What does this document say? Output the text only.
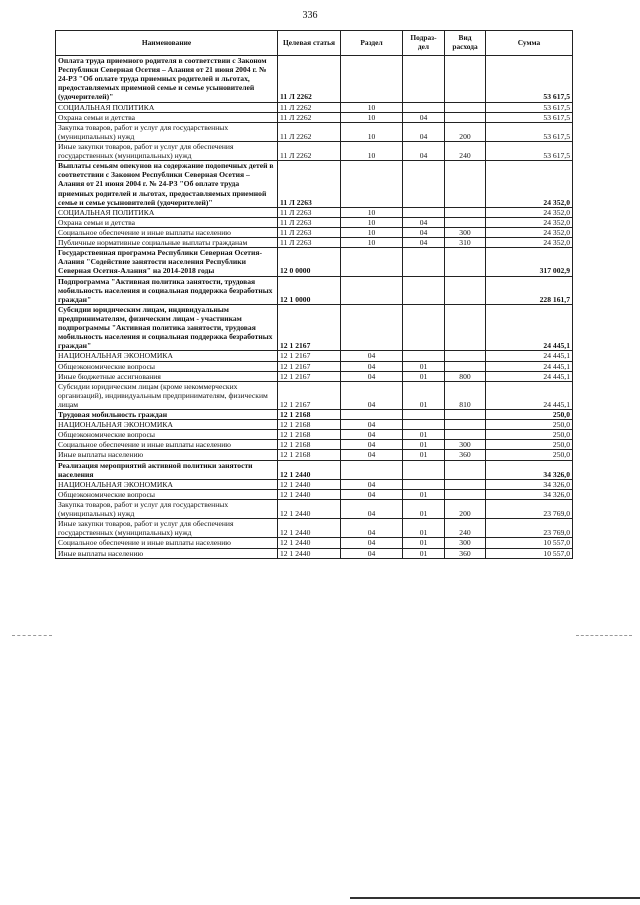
336
Наименование	Целевая статья	Раздел	Подраз-дел	Вид расхода	Сумма
Оплата труда приемного родителя в соответствии с Законом Республики Северная Осетия – Алания от 21 июня 2004 г. № 24-РЗ "Об оплате труда приемных родителей и льготах, предоставляемых приемной семье и семье усыновителей (удочерителей)"	11 Л 2262				53 617,5
СОЦИАЛЬНАЯ ПОЛИТИКА	11 Л 2262	10			53 617,5
Охрана семьи и детства	11 Л 2262	10	04		53 617,5
Закупка товаров, работ и услуг для государственных (муниципальных) нужд	11 Л 2262	10	04	200	53 617,5
Иные закупки товаров, работ и услуг для обеспечения государственных (муниципальных) нужд	11 Л 2262	10	04	240	53 617,5
Выплаты семьям опекунов на содержание подопечных детей в соответствии с Законом Республики Северная Осетия – Алания от 21 июня 2004 г. № 24-РЗ "Об оплате труда приемных родителей и льготах, предоставляемых приемной семье и семье усыновителей (удочерителей)"	11 Л 2263				24 352,0
СОЦИАЛЬНАЯ ПОЛИТИКА	11 Л 2263	10			24 352,0
Охрана семьи и детства	11 Л 2263	10	04		24 352,0
Социальное обеспечение и иные выплаты населению	11 Л 2263	10	04	300	24 352,0
Публичные нормативные социальные выплаты гражданам	11 Л 2263	10	04	310	24 352,0
Государственная программа Республики Северная Осетия-Алания "Содействие занятости населения Республики Северная Осетия-Алания" на 2014-2018 годы	12 0 0000				317 002,9
Подпрограмма "Активная политика занятости, трудовая мобильность населения и социальная поддержка безработных граждан"	12 1 0000				228 161,7
Субсидии юридическим лицам, индивидуальным предпринимателям, физическим лицам - участникам подпрограммы "Активная политика занятости, трудовая мобильность населения и социальная поддержка безработных граждан"	12 1 2167				24 445,1
НАЦИОНАЛЬНАЯ ЭКОНОМИКА	12 1 2167	04			24 445,1
Общеэкономические вопросы	12 1 2167	04	01		24 445,1
Иные бюджетные ассигнования	12 1 2167	04	01	800	24 445,1
Субсидии юридическим лицам (кроме некоммерческих организаций), индивидуальным предпринимателям, физическим лицам	12 1 2167	04	01	810	24 445,1
Трудовая мобильность граждан	12 1 2168				250,0
НАЦИОНАЛЬНАЯ ЭКОНОМИКА	12 1 2168	04			250,0
Общеэкономические вопросы	12 1 2168	04	01		250,0
Социальное обеспечение и иные выплаты населению	12 1 2168	04	01	300	250,0
Иные выплаты населению	12 1 2168	04	01	360	250,0
Реализация мероприятий активной политики занятости населения	12 1 2440				34 326,0
НАЦИОНАЛЬНАЯ ЭКОНОМИКА	12 1 2440	04			34 326,0
Общеэкономические вопросы	12 1 2440	04	01		34 326,0
Закупка товаров, работ и услуг для государственных (муниципальных) нужд	12 1 2440	04	01	200	23 769,0
Иные закупки товаров, работ и услуг для обеспечения государственных (муниципальных) нужд	12 1 2440	04	01	240	23 769,0
Социальное обеспечение и иные выплаты населению	12 1 2440	04	01	300	10 557,0
Иные выплаты населению	12 1 2440	04	01	360	10 557,0
